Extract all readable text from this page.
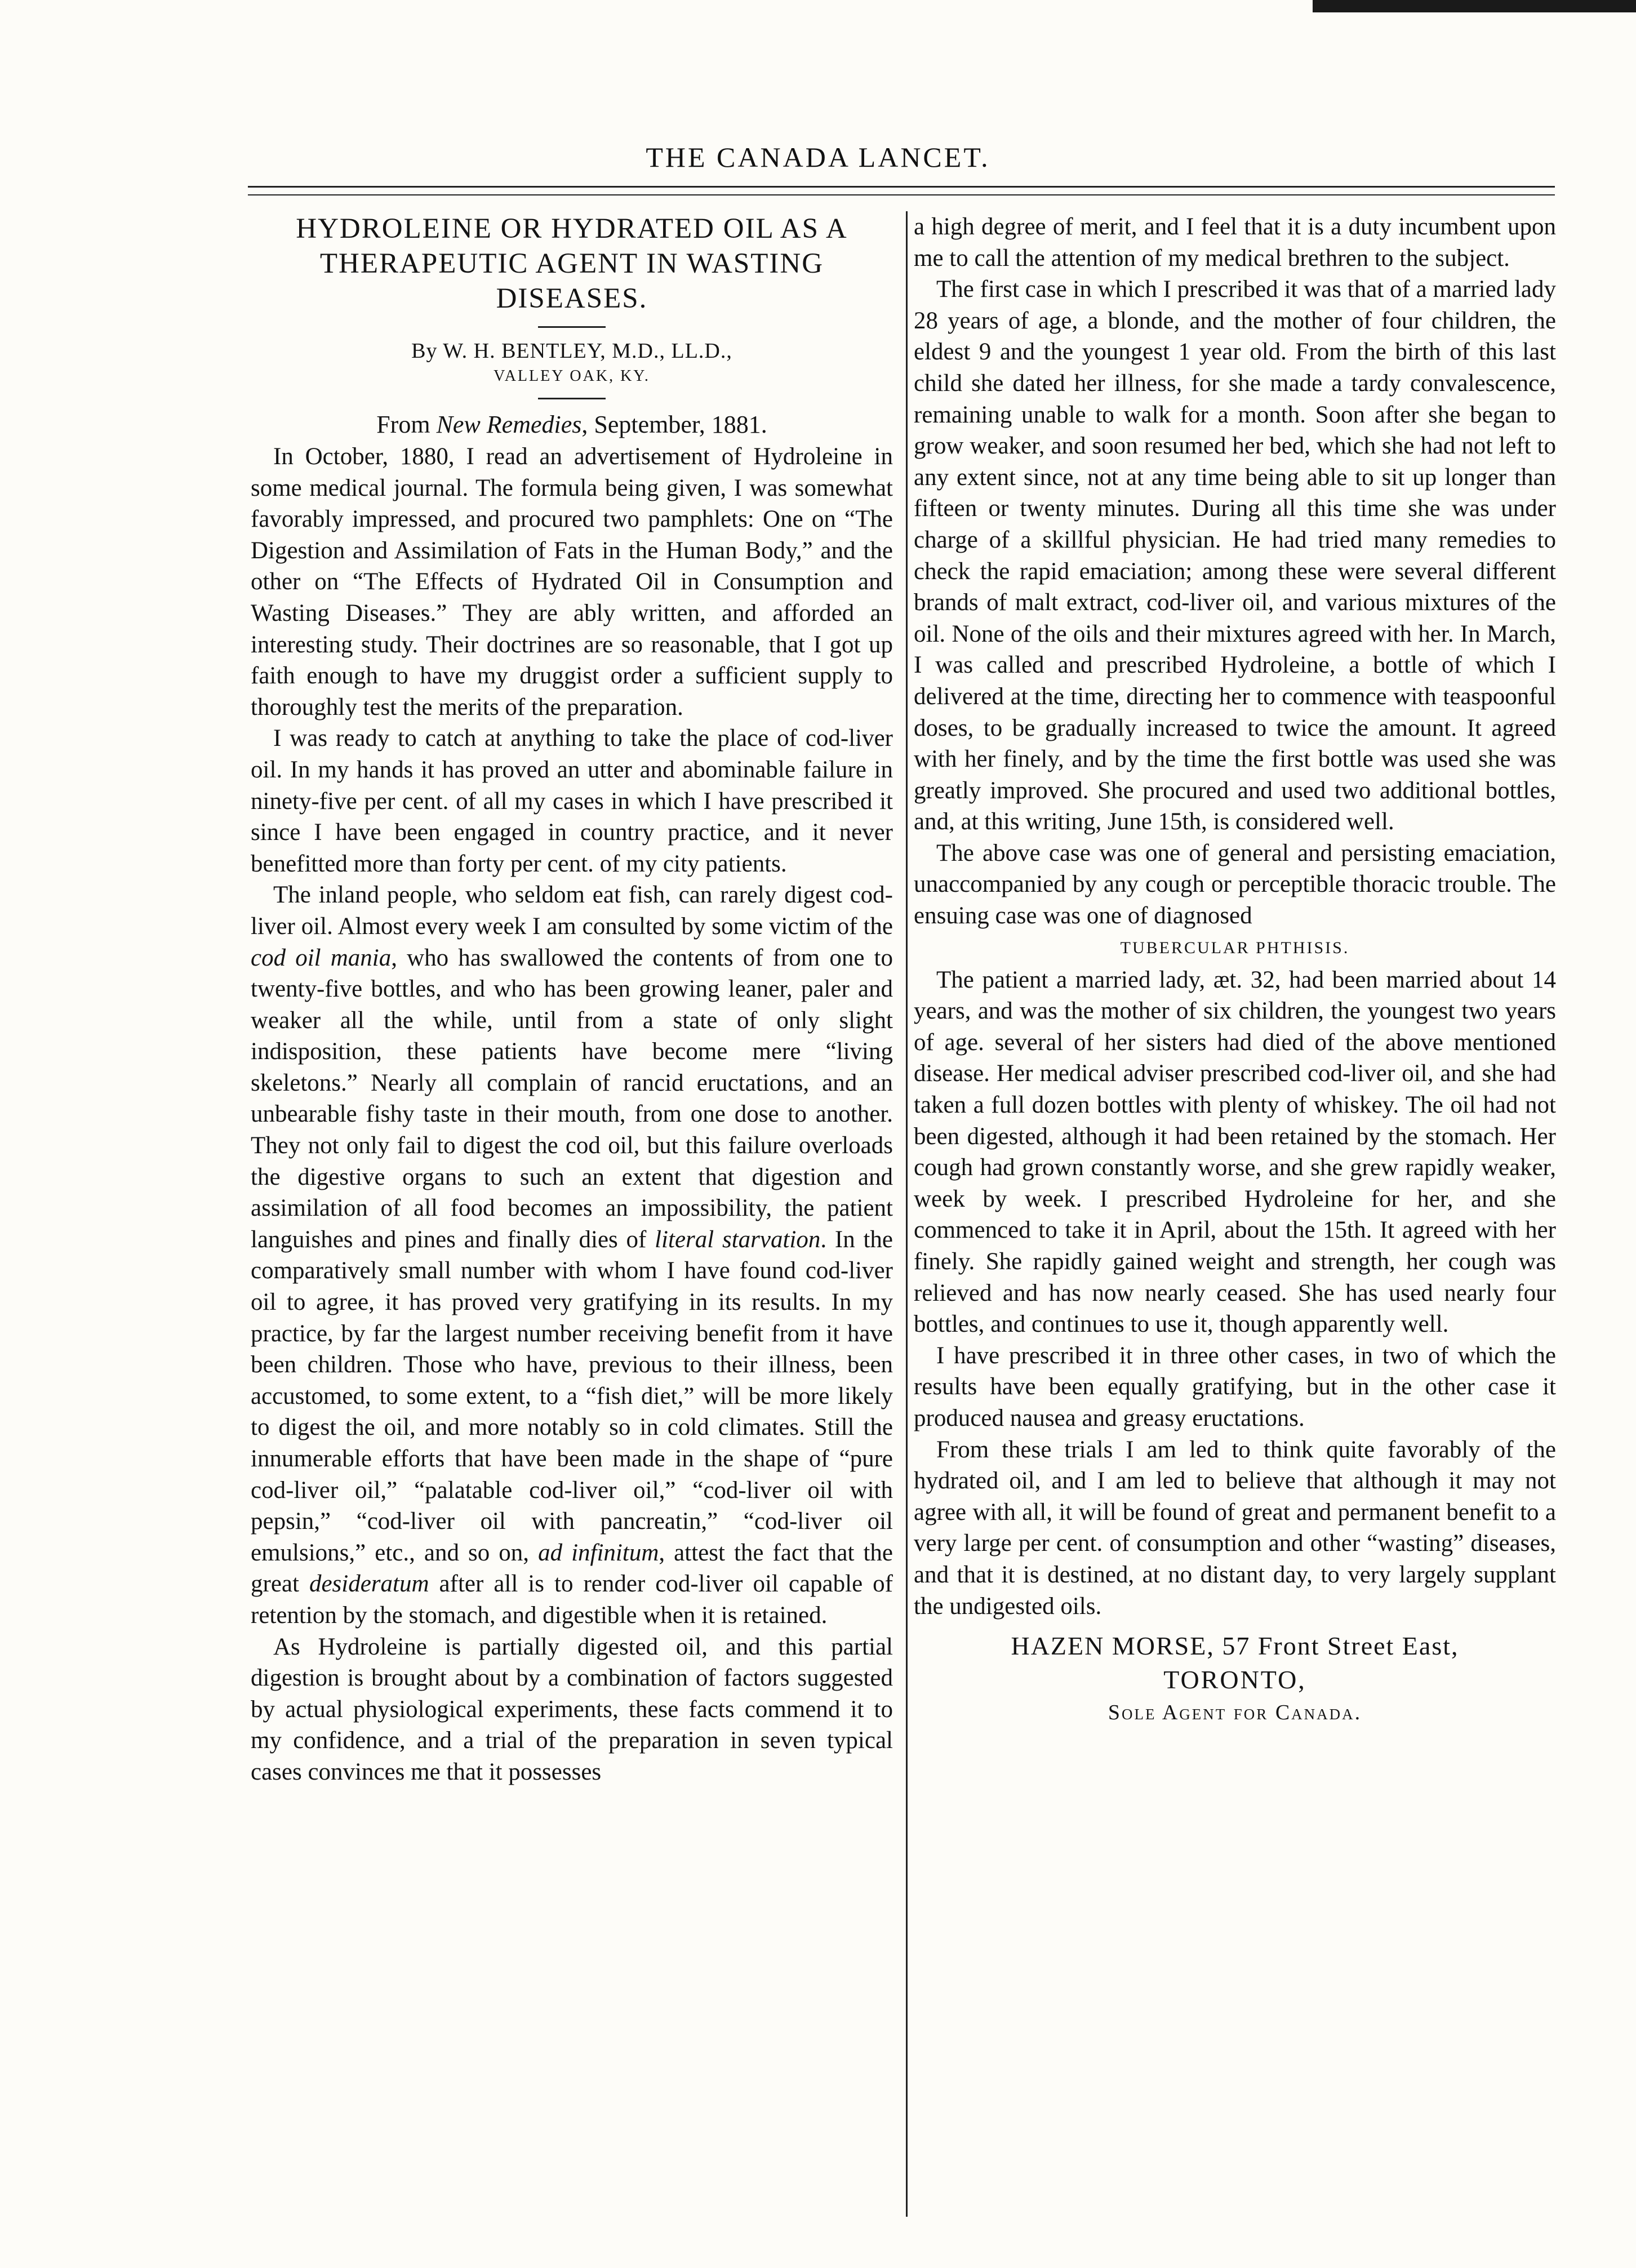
THE CANADA LANCET.
HYDROLEINE OR HYDRATED OIL AS A THERAPEUTIC AGENT IN WASTING DISEASES.
By W. H. BENTLEY, M.D., LL.D.,
VALLEY OAK, KY.
From New Remedies, September, 1881.

In October, 1880, I read an advertisement of Hydroleine in some medical journal. The formula being given, I was somewhat favorably impressed, and procured two pamphlets: One on “The Digestion and Assimilation of Fats in the Human Body,” and the other on “The Effects of Hydrated Oil in Consumption and Wasting Diseases.” They are ably written, and afforded an interesting study. Their doctrines are so reasonable, that I got up faith enough to have my druggist order a sufficient supply to thoroughly test the merits of the preparation.

I was ready to catch at anything to take the place of cod-liver oil. In my hands it has proved an utter and abominable failure in ninety-five per cent. of all my cases in which I have prescribed it since I have been engaged in country practice, and it never benefitted more than forty per cent. of my city patients.

The inland people, who seldom eat fish, can rarely digest cod-liver oil. Almost every week I am consulted by some victim of the cod oil mania, who has swallowed the contents of from one to twenty-five bottles, and who has been growing leaner, paler and weaker all the while, until from a state of only slight indisposition, these patients have become mere “living skeletons.” Nearly all complain of rancid eructations, and an unbearable fishy taste in their mouth, from one dose to another. They not only fail to digest the cod oil, but this failure overloads the digestive organs to such an extent that digestion and assimilation of all food becomes an impossibility, the patient languishes and pines and finally dies of literal starvation. In the comparatively small number with whom I have found cod-liver oil to agree, it has proved very gratifying in its results. In my practice, by far the largest number receiving benefit from it have been children. Those who have, previous to their illness, been accustomed, to some extent, to a “fish diet,” will be more likely to digest the oil, and more notably so in cold climates. Still the innumerable efforts that have been made in the shape of “pure cod-liver oil,” “palatable cod-liver oil,” “cod-liver oil with pepsin,” “cod-liver oil with pancreatin,” “cod-liver oil emulsions,” etc., and so on, ad infinitum, attest the fact that the great desideratum after all is to render cod-liver oil capable of retention by the stomach, and digestible when it is retained.

As Hydroleine is partially digested oil, and this partial digestion is brought about by a combination of factors suggested by actual physiological experiments, these facts commend it to my confidence, and a trial of the preparation in seven typical cases convinces me that it possesses

a high degree of merit, and I feel that it is a duty incumbent upon me to call the attention of my medical brethren to the subject.

The first case in which I prescribed it was that of a married lady 28 years of age, a blonde, and the mother of four children, the eldest 9 and the youngest 1 year old. From the birth of this last child she dated her illness, for she made a tardy convalescence, remaining unable to walk for a month. Soon after she began to grow weaker, and soon resumed her bed, which she had not left to any extent since, not at any time being able to sit up longer than fifteen or twenty minutes. During all this time she was under charge of a skillful physician. He had tried many remedies to check the rapid emaciation; among these were several different brands of malt extract, cod-liver oil, and various mixtures of the oil. None of the oils and their mixtures agreed with her. In March, I was called and prescribed Hydroleine, a bottle of which I delivered at the time, directing her to commence with teaspoonful doses, to be gradually increased to twice the amount. It agreed with her finely, and by the time the first bottle was used she was greatly improved. She procured and used two additional bottles, and, at this writing, June 15th, is considered well.

The above case was one of general and persisting emaciation, unaccompanied by any cough or perceptible thoracic trouble. The ensuing case was one of diagnosed

TUBERCULAR PHTHISIS.

The patient a married lady, æt. 32, had been married about 14 years, and was the mother of six children, the youngest two years of age. several of her sisters had died of the above mentioned disease. Her medical adviser prescribed cod-liver oil, and she had taken a full dozen bottles with plenty of whiskey. The oil had not been digested, although it had been retained by the stomach. Her cough had grown constantly worse, and she grew rapidly weaker, week by week. I prescribed Hydroleine for her, and she commenced to take it in April, about the 15th. It agreed with her finely. She rapidly gained weight and strength, her cough was relieved and has now nearly ceased. She has used nearly four bottles, and continues to use it, though apparently well.

I have prescribed it in three other cases, in two of which the results have been equally gratifying, but in the other case it produced nausea and greasy eructations.

From these trials I am led to think quite favorably of the hydrated oil, and I am led to believe that although it may not agree with all, it will be found of great and permanent benefit to a very large per cent. of consumption and other “wasting” diseases, and that it is destined, at no distant day, to very largely supplant the undigested oils.

HAZEN MORSE, 57 Front Street East,
TORONTO,
Sole Agent for Canada.
